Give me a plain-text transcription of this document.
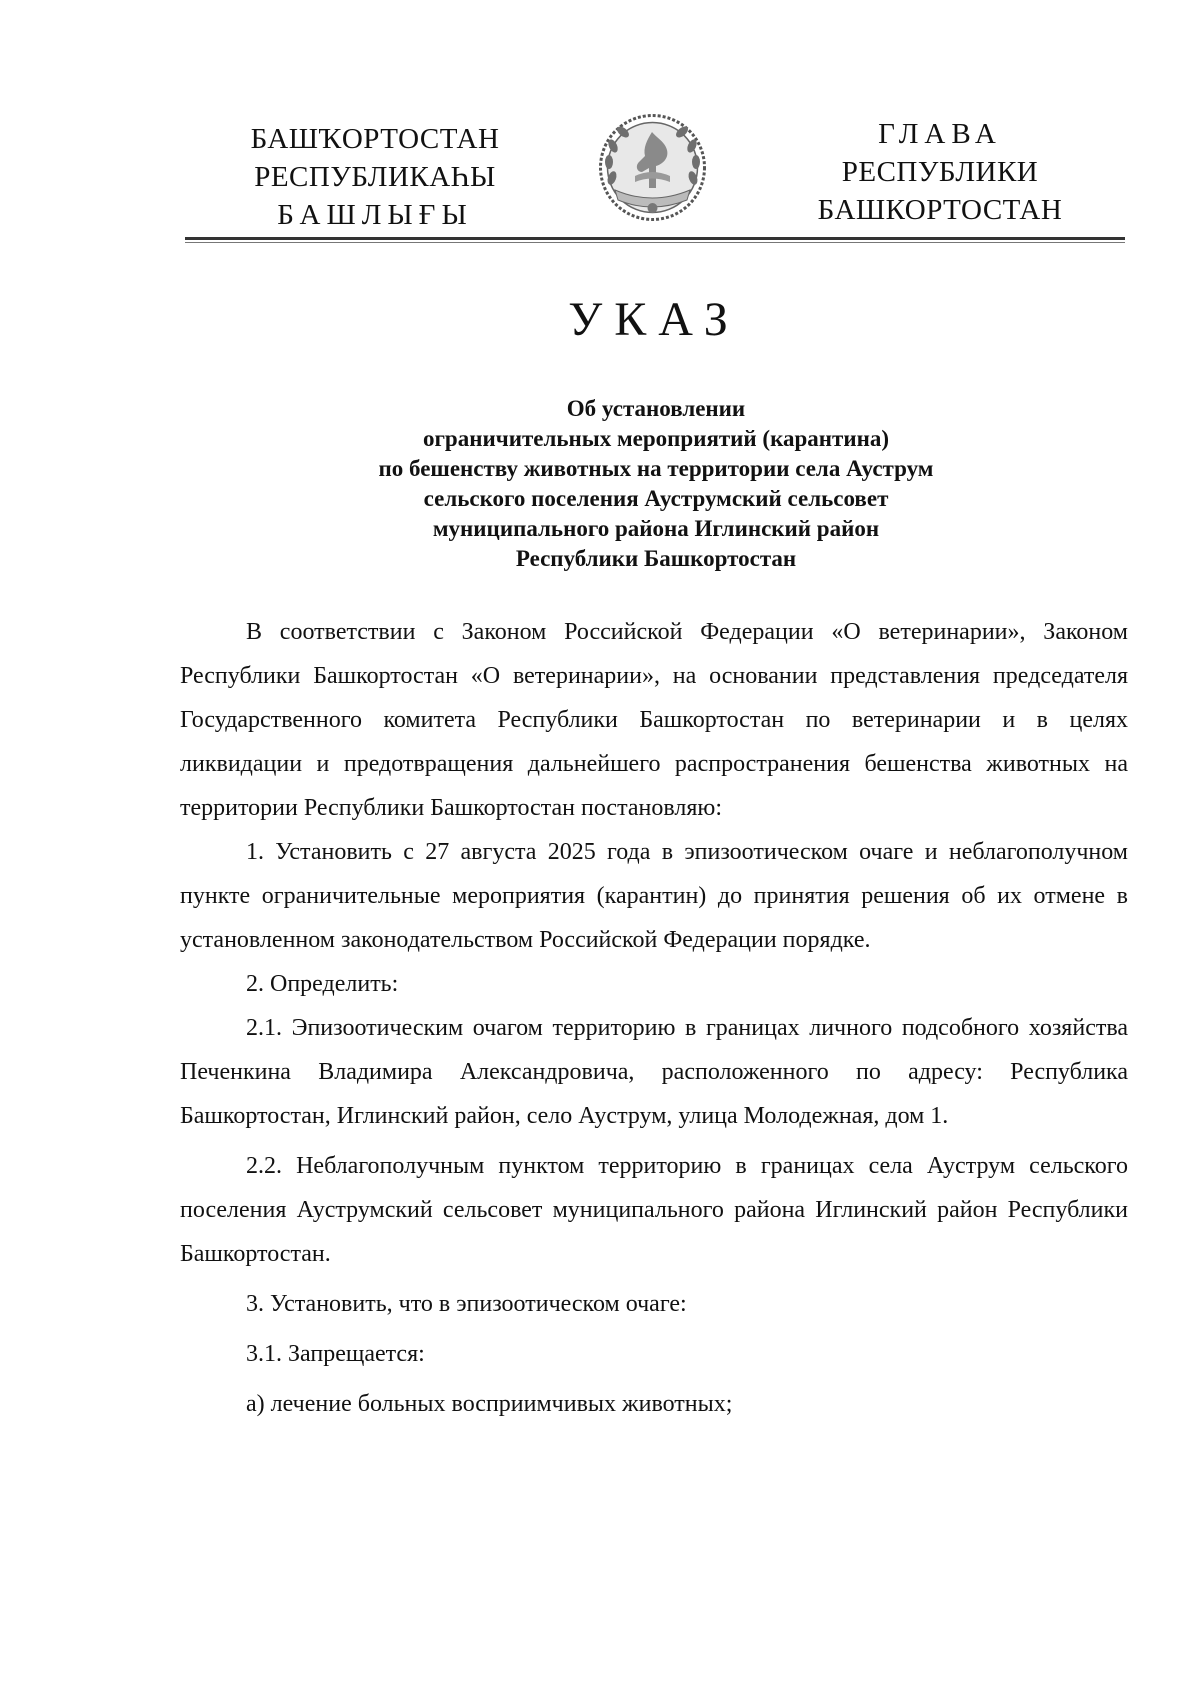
БАШҠОРТОСТАН
РЕСПУБЛИКАҺЫ
БАШЛЫҒЫ
ГЛАВА
РЕСПУБЛИКИ
БАШКОРТОСТАН
УКАЗ
Об установлении
ограничительных мероприятий (карантина)
по бешенству животных на территории села Ауструм
сельского поселения Ауструмский сельсовет
муниципального района Иглинский район
Республики Башкортостан

В соответствии с Законом Российской Федерации «О ветеринарии», Законом Республики Башкортостан «О ветеринарии», на основании представления председателя Государственного комитета Республики Башкортостан по ветеринарии и в целях ликвидации и предотвращения дальнейшего распространения бешенства животных на территории Республики Башкортостан постановляю:

1. Установить с 27 августа 2025 года в эпизоотическом очаге и неблагополучном пункте ограничительные мероприятия (карантин) до принятия решения об их отмене в установленном законодательством Российской Федерации порядке.

2. Определить:

2.1. Эпизоотическим очагом территорию в границах личного подсобного хозяйства Печенкина Владимира Александровича, расположенного по адресу: Республика Башкортостан, Иглинский район, село Ауструм, улица Молодежная, дом 1.

2.2. Неблагополучным пунктом территорию в границах села Ауструм сельского поселения Ауструмский сельсовет муниципального района Иглинский район Республики Башкортостан.

3. Установить, что в эпизоотическом очаге:

3.1. Запрещается:

а) лечение больных восприимчивых животных;
